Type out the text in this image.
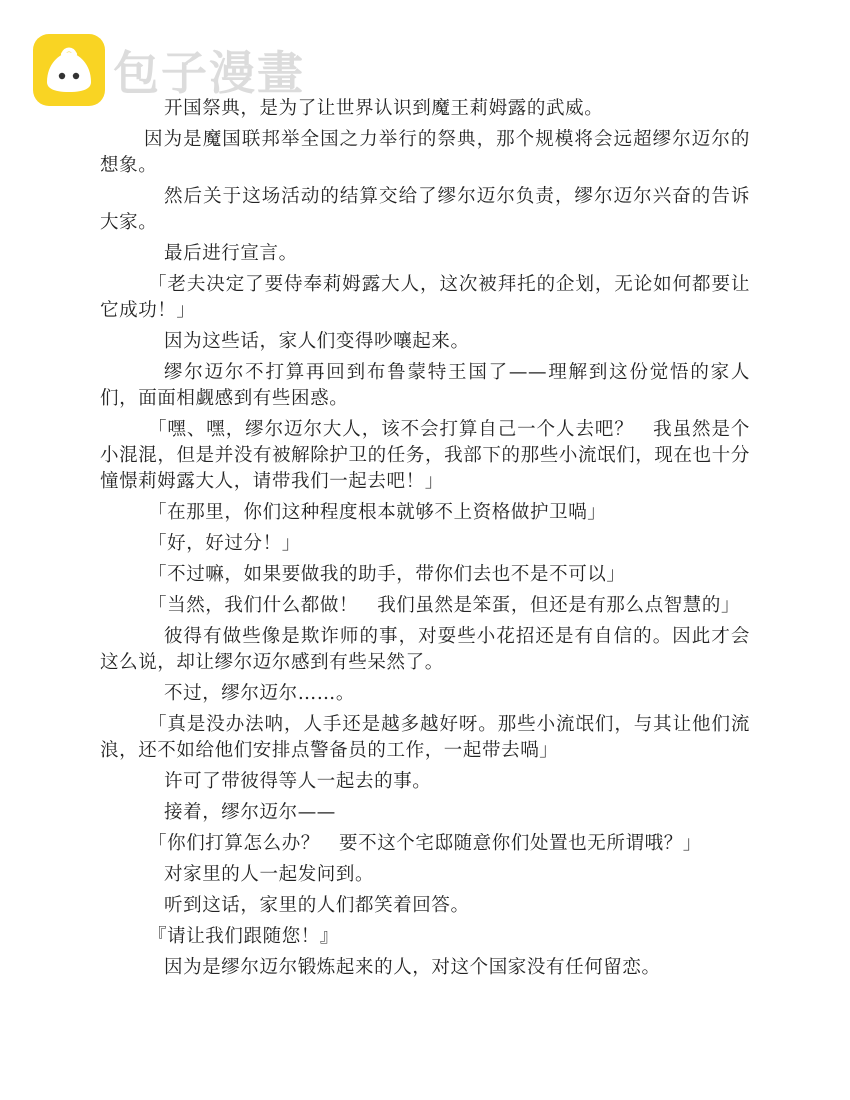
包子漫畫

开国祭典，是为了让世界认识到魔王莉姆露的武威。

因为是魔国联邦举全国之力举行的祭典，那个规模将会远超缪尔迈尔的想象。

然后关于这场活动的结算交给了缪尔迈尔负责，缪尔迈尔兴奋的告诉大家。

最后进行宣言。

「老夫决定了要侍奉莉姆露大人，这次被拜托的企划，无论如何都要让它成功！」

因为这些话，家人们变得吵嚷起来。

缪尔迈尔不打算再回到布鲁蒙特王国了——理解到这份觉悟的家人们，面面相觑感到有些困惑。

「嘿、嘿，缪尔迈尔大人，该不会打算自己一个人去吧？　我虽然是个小混混，但是并没有被解除护卫的任务，我部下的那些小流氓们，现在也十分憧憬莉姆露大人，请带我们一起去吧！」

「在那里，你们这种程度根本就够不上资格做护卫喎」

「好，好过分！」

「不过嘛，如果要做我的助手，带你们去也不是不可以」

「当然，我们什么都做！　我们虽然是笨蛋，但还是有那么点智慧的」

彼得有做些像是欺诈师的事，对耍些小花招还是有自信的。因此才会这么说，却让缪尔迈尔感到有些呆然了。

不过，缪尔迈尔……。

「真是没办法呐，人手还是越多越好呀。那些小流氓们，与其让他们流浪，还不如给他们安排点警备员的工作，一起带去喎」

许可了带彼得等人一起去的事。

接着，缪尔迈尔——

「你们打算怎么办？　要不这个宅邸随意你们处置也无所谓哦？」

对家里的人一起发问到。

听到这话，家里的人们都笑着回答。

『请让我们跟随您！』

因为是缪尔迈尔锻炼起来的人，对这个国家没有任何留恋。
